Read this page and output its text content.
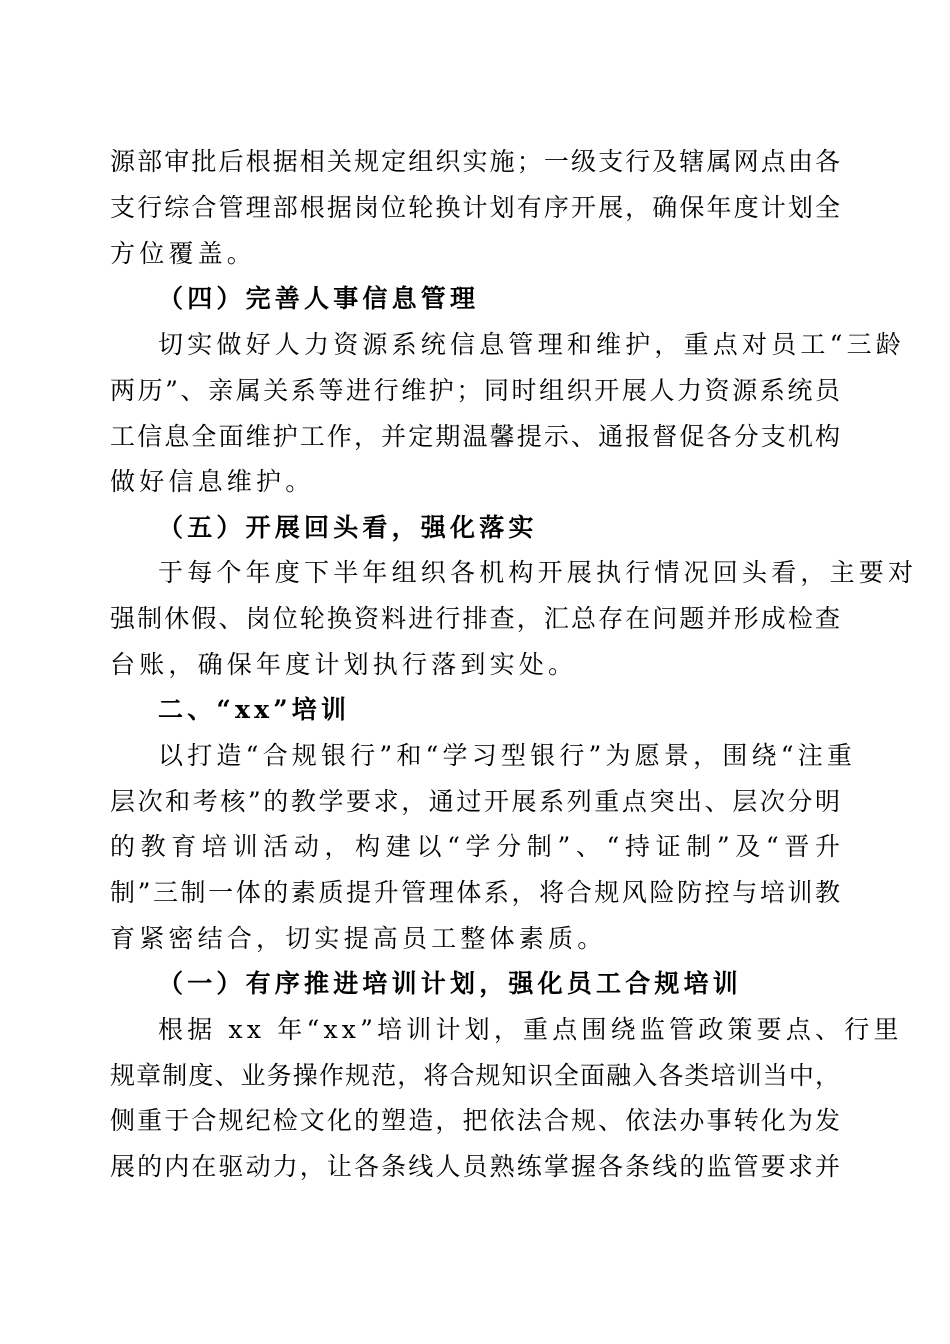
源部审批后根据相关规定组织实施；一级支行及辖属网点由各
支行综合管理部根据岗位轮换计划有序开展，确保年度计划全
方位覆盖。
（四）完善人事信息管理
切实做好人力资源系统信息管理和维护，重点对员工“三龄
两历”、亲属关系等进行维护；同时组织开展人力资源系统员
工信息全面维护工作，并定期温馨提示、通报督促各分支机构
做好信息维护。
（五）开展回头看，强化落实
于每个年度下半年组织各机构开展执行情况回头看，主要对
强制休假、岗位轮换资料进行排查，汇总存在问题并形成检查
台账，确保年度计划执行落到实处。
二、“xx”培训
以打造“合规银行”和“学习型银行”为愿景，围绕“注重
层次和考核”的教学要求，通过开展系列重点突出、层次分明
的教育培训活动，构建以“学分制”、“持证制”及“晋升
制”三制一体的素质提升管理体系，将合规风险防控与培训教
育紧密结合，切实提高员工整体素质。
（一）有序推进培训计划，强化员工合规培训
根据 xx 年“xx”培训计划，重点围绕监管政策要点、行里
规章制度、业务操作规范，将合规知识全面融入各类培训当中，
侧重于合规纪检文化的塑造，把依法合规、依法办事转化为发
展的内在驱动力，让各条线人员熟练掌握各条线的监管要求并
